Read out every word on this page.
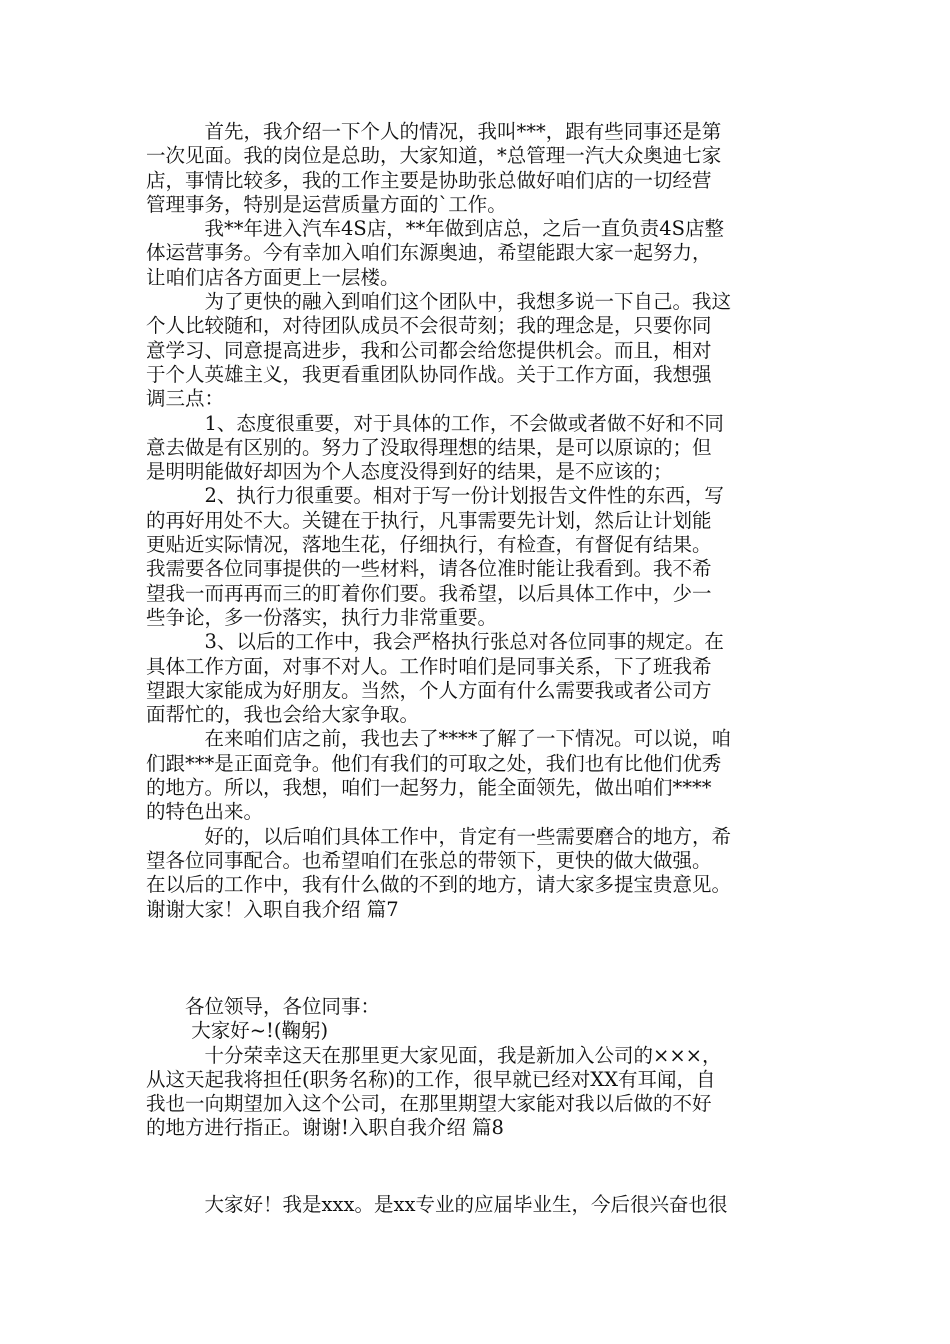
　　　首先，我介绍一下个人的情况，我叫***，跟有些同事还是第
一次见面。我的岗位是总助，大家知道，*总管理一汽大众奥迪七家
店，事情比较多，我的工作主要是协助张总做好咱们店的一切经营
管理事务，特别是运营质量方面的`工作。
　　　我**年进入汽车4S店，**年做到店总，之后一直负责4S店整
体运营事务。今有幸加入咱们东源奥迪，希望能跟大家一起努力，
让咱们店各方面更上一层楼。
　　　为了更快的融入到咱们这个团队中，我想多说一下自己。我这
个人比较随和，对待团队成员不会很苛刻；我的理念是，只要你同
意学习、同意提高进步，我和公司都会给您提供机会。而且，相对
于个人英雄主义，我更看重团队协同作战。关于工作方面，我想强
调三点：
　　　1、态度很重要，对于具体的工作，不会做或者做不好和不同
意去做是有区别的。努力了没取得理想的结果，是可以原谅的；但
是明明能做好却因为个人态度没得到好的结果，是不应该的；
　　　2、执行力很重要。相对于写一份计划报告文件性的东西，写
的再好用处不大。关键在于执行，凡事需要先计划，然后让计划能
更贴近实际情况，落地生花，仔细执行，有检查，有督促有结果。
我需要各位同事提供的一些材料，请各位准时能让我看到。我不希
望我一而再再而三的盯着你们要。我希望，以后具体工作中，少一
些争论，多一份落实，执行力非常重要。
　　　3、以后的工作中，我会严格执行张总对各位同事的规定。在
具体工作方面，对事不对人。工作时咱们是同事关系，下了班我希
望跟大家能成为好朋友。当然，个人方面有什么需要我或者公司方
面帮忙的，我也会给大家争取。
　　　在来咱们店之前，我也去了****了解了一下情况。可以说，咱
们跟***是正面竞争。他们有我们的可取之处，我们也有比他们优秀
的地方。所以，我想，咱们一起努力，能全面领先，做出咱们****
的特色出来。
　　　好的，以后咱们具体工作中，肯定有一些需要磨合的地方，希
望各位同事配合。也希望咱们在张总的带领下，更快的做大做强。
在以后的工作中，我有什么做的不到的地方，请大家多提宝贵意见。
谢谢大家！入职自我介绍 篇7
　　各位领导，各位同事：
　　 大家好~!(鞠躬)
　　　十分荣幸这天在那里更大家见面，我是新加入公司的×××，
从这天起我将担任(职务名称)的工作，很早就已经对XX有耳闻，自
我也一向期望加入这个公司，在那里期望大家能对我以后做的不好
的地方进行指正。谢谢!入职自我介绍 篇8
　　　大家好！我是xxx。是xx专业的应届毕业生，今后很兴奋也很
